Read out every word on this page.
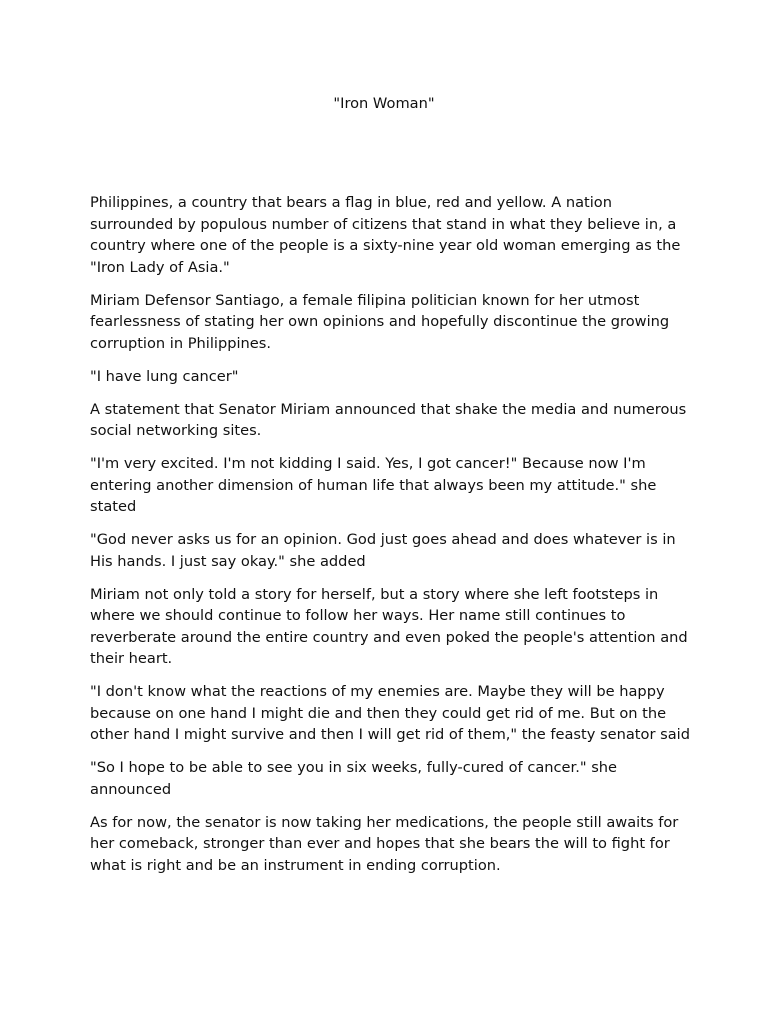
"Iron Woman"

Philippines, a country that bears a flag in blue, red and yellow. A nation surrounded by populous number of citizens that stand in what they believe in, a country where one of the people is a sixty-nine year old woman emerging as the "Iron Lady of Asia."

Miriam Defensor Santiago, a female filipina politician known for her utmost fearlessness of stating her own opinions and hopefully discontinue the growing corruption in Philippines.

"I have lung cancer"

A statement that Senator Miriam announced that shake the media and numerous social networking sites.

"I'm very excited. I'm not kidding I said. Yes, I got cancer!" Because now I'm entering another dimension of human life that always been my attitude." she stated

"God never asks us for an opinion. God just goes ahead and does whatever is in His hands. I just say okay." she added

Miriam not only told a story for herself, but a story where she left footsteps in where we should continue to follow her ways. Her name still continues to reverberate around the entire country and even poked the people's attention and their heart.

"I don't know what the reactions of my enemies are. Maybe they will be happy because on one hand I might die and then they could get rid of me. But on the other hand I might survive and then I will get rid of them," the feasty senator said

"So I hope to be able to see you in six weeks, fully-cured of cancer." she announced

As for now, the senator is now taking her medications, the people still awaits for her comeback, stronger than ever and hopes that she bears the will to fight for what is right and be an instrument in ending corruption.
